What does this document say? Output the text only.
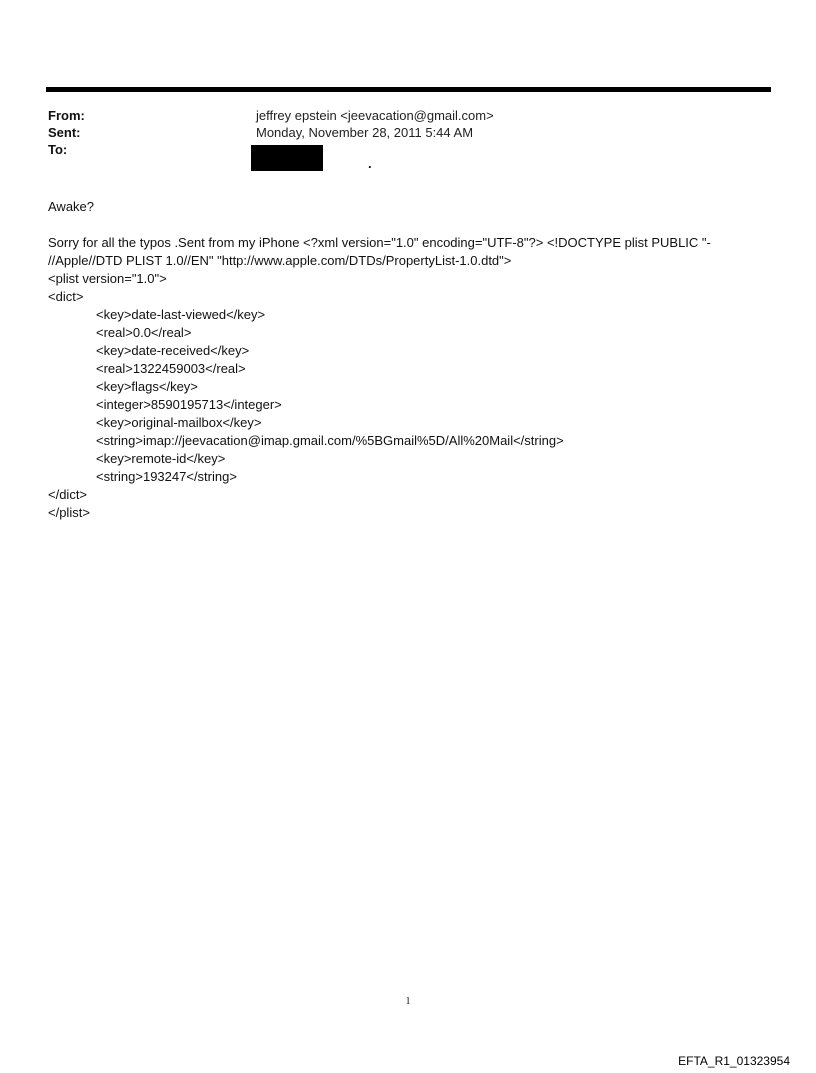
From:	jeffrey epstein <jeevacation@gmail.com>
Sent:	Monday, November 28, 2011 5:44 AM
To:
.

Awake?

Sorry for all the typos .Sent from my iPhone <?xml version="1.0" encoding="UTF-8"?> <!DOCTYPE plist PUBLIC "-
//Apple//DTD PLIST 1.0//EN" "http://www.apple.com/DTDs/PropertyList-1.0.dtd">
<plist version="1.0">
<dict>
<key>date-last-viewed</key>
<real>0.0</real>
<key>date-received</key>
<real>1322459003</real>
<key>flags</key>
<integer>8590195713</integer>
<key>original-mailbox</key>
<string>imap://jeevacation@imap.gmail.com/%5BGmail%5D/All%20Mail</string>
<key>remote-id</key>
<string>193247</string>
</dict>
</plist>
1
EFTA_R1_01323954
